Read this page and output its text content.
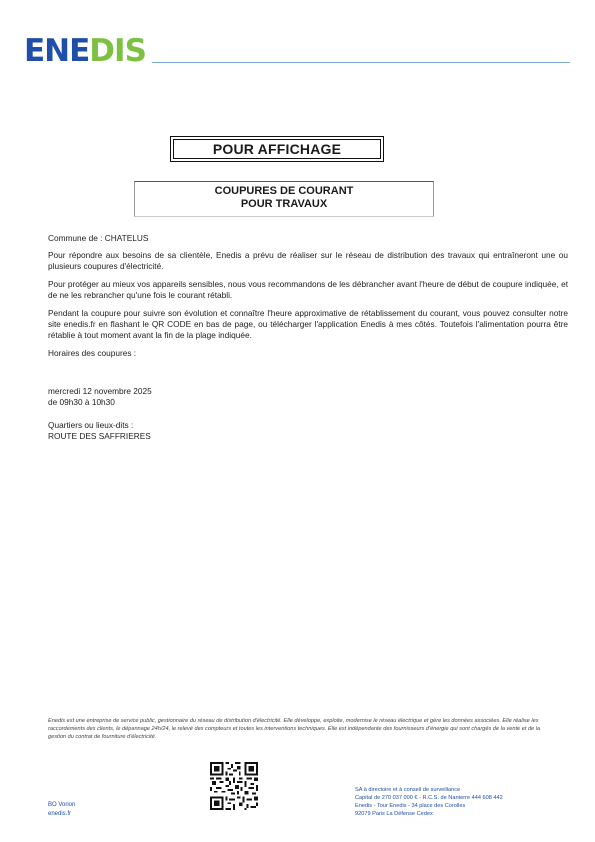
ENEDIS
POUR AFFICHAGE
COUPURES DE COURANT
POUR TRAVAUX

Commune de : CHATELUS

Pour répondre aux besoins de sa clientèle, Enedis a prévu de réaliser sur le réseau de distribution des travaux qui entraîneront une ou plusieurs coupures d'électricité.

Pour protéger au mieux vos appareils sensibles, nous vous recommandons de les débrancher avant l'heure de début de coupure indiquée, et de ne les rebrancher qu'une fois le courant rétabli.

Pendant la coupure pour suivre son évolution et connaître l'heure approximative de rétablissement du courant, vous pouvez consulter notre site enedis.fr en flashant le QR CODE en bas de page, ou télécharger l'application Enedis à mes côtés. Toutefois l'alimentation pourra être rétablie à tout moment avant la fin de la plage indiquée.

Horaires des coupures :

mercredi 12 novembre 2025
de 09h30 à 10h30
Quartiers ou lieux-dits :
ROUTE DES SAFFRIERES
Enedis est une entreprise de service public, gestionnaire du réseau de distribution d'électricité. Elle développe, exploite, modernise le réseau électrique et gère les données associées. Elle réalise les raccordements des clients, le dépannage 24h/24, le relevé des compteurs et toutes les interventions techniques. Elle est indépendante des fournisseurs d'énergie qui sont chargés de la vente et de la gestion du contrat de fourniture d'électricité.
BO Vorion
enedis.fr
SA à directoire et à conseil de surveillance
Capital de 270 037 000 € - R.C.S. de Nanterre 444 608 442
Enedis - Tour Enedis - 34 place des Corolles
92079 Paris La Défense Cedex
